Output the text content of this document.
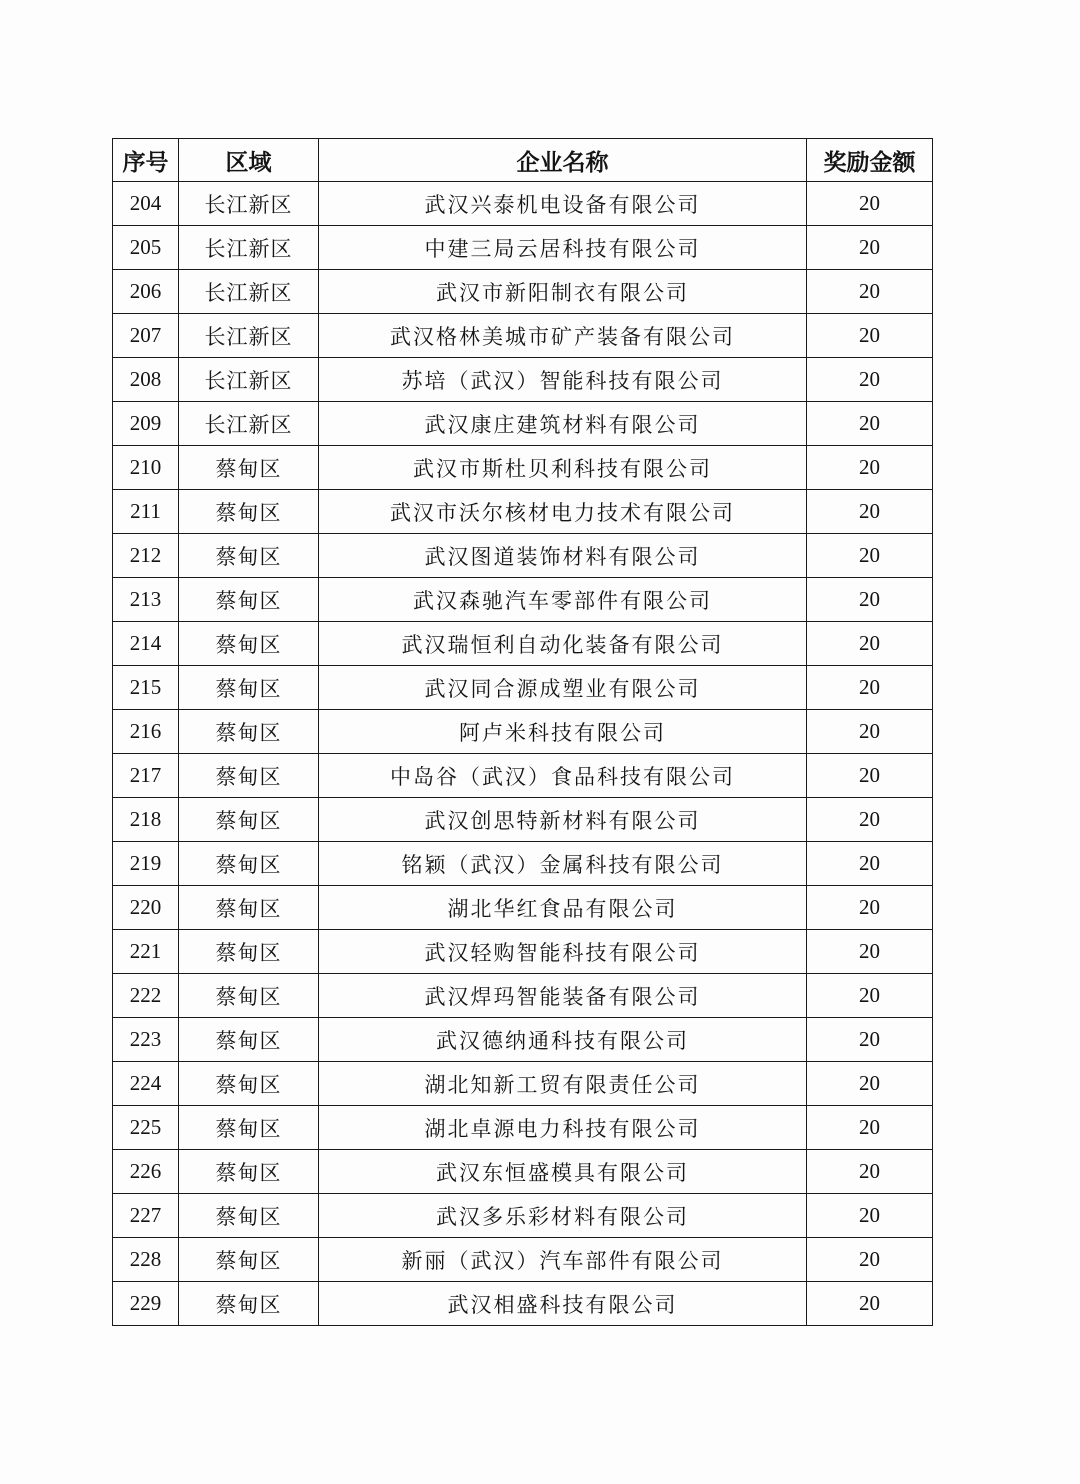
序号	区域	企业名称	奖励金额
204	长江新区	武汉兴泰机电设备有限公司	20
205	长江新区	中建三局云居科技有限公司	20
206	长江新区	武汉市新阳制衣有限公司	20
207	长江新区	武汉格林美城市矿产装备有限公司	20
208	长江新区	苏培（武汉）智能科技有限公司	20
209	长江新区	武汉康庄建筑材料有限公司	20
210	蔡甸区	武汉市斯杜贝利科技有限公司	20
211	蔡甸区	武汉市沃尔核材电力技术有限公司	20
212	蔡甸区	武汉图道装饰材料有限公司	20
213	蔡甸区	武汉森驰汽车零部件有限公司	20
214	蔡甸区	武汉瑞恒利自动化装备有限公司	20
215	蔡甸区	武汉同合源成塑业有限公司	20
216	蔡甸区	阿卢米科技有限公司	20
217	蔡甸区	中岛谷（武汉）食品科技有限公司	20
218	蔡甸区	武汉创思特新材料有限公司	20
219	蔡甸区	铭颖（武汉）金属科技有限公司	20
220	蔡甸区	湖北华红食品有限公司	20
221	蔡甸区	武汉轻购智能科技有限公司	20
222	蔡甸区	武汉焊玛智能装备有限公司	20
223	蔡甸区	武汉德纳通科技有限公司	20
224	蔡甸区	湖北知新工贸有限责任公司	20
225	蔡甸区	湖北卓源电力科技有限公司	20
226	蔡甸区	武汉东恒盛模具有限公司	20
227	蔡甸区	武汉多乐彩材料有限公司	20
228	蔡甸区	新丽（武汉）汽车部件有限公司	20
229	蔡甸区	武汉相盛科技有限公司	20
